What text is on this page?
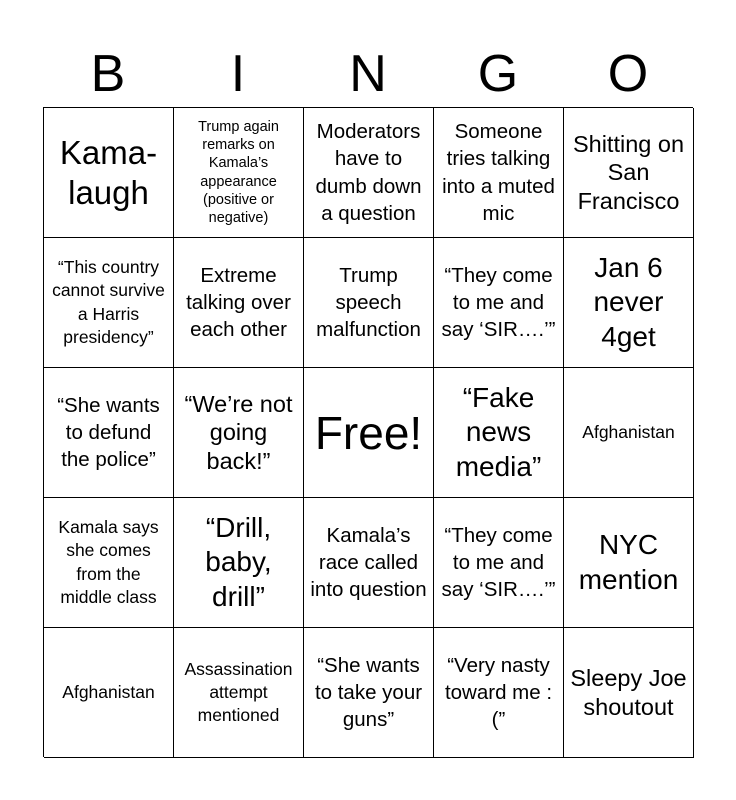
B	I	N	G	O
Kama-laugh
Trump again remarks on Kamala’s appearance (positive or negative)
Moderators have to dumb down a question
Someone tries talking into a muted mic
Shitting on San Francisco
“This country cannot survive a Harris presidency”
Extreme talking over each other
Trump speech malfunction
“They come to me and say ‘SIR….’”
Jan 6 never 4get
“She wants to defund the police”
“We’re not going back!”
Free!
“Fake news media”
Afghanistan
Kamala says she comes from the middle class
“Drill, baby, drill”
Kamala’s race called into question
“They come to me and say ‘SIR….’”
NYC mention
Afghanistan
Assassination attempt mentioned
“She wants to take your guns”
“Very nasty toward me :(”
Sleepy Joe shoutout
